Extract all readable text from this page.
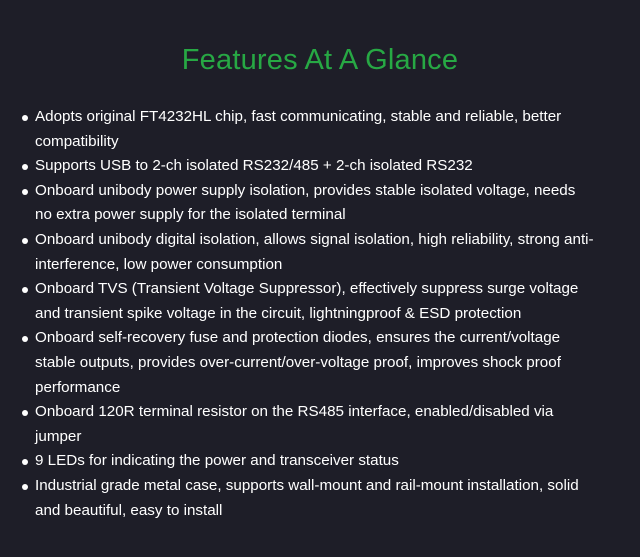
Features At A Glance
Adopts original FT4232HL chip, fast communicating, stable and reliable, better compatibility
Supports USB to 2-ch isolated RS232/485 + 2-ch isolated RS232
Onboard unibody power supply isolation, provides stable isolated voltage, needs no extra power supply for the isolated terminal
Onboard unibody digital isolation, allows signal isolation, high reliability, strong anti-interference, low power consumption
Onboard TVS (Transient Voltage Suppressor), effectively suppress surge voltage and transient spike voltage in the circuit, lightningproof & ESD protection
Onboard self-recovery fuse and protection diodes, ensures the current/voltage stable outputs, provides over-current/over-voltage proof, improves shock proof performance
Onboard 120R terminal resistor on the RS485 interface, enabled/disabled via jumper
9 LEDs for indicating the power and transceiver status
Industrial grade metal case, supports wall-mount and rail-mount installation, solid and beautiful, easy to install
